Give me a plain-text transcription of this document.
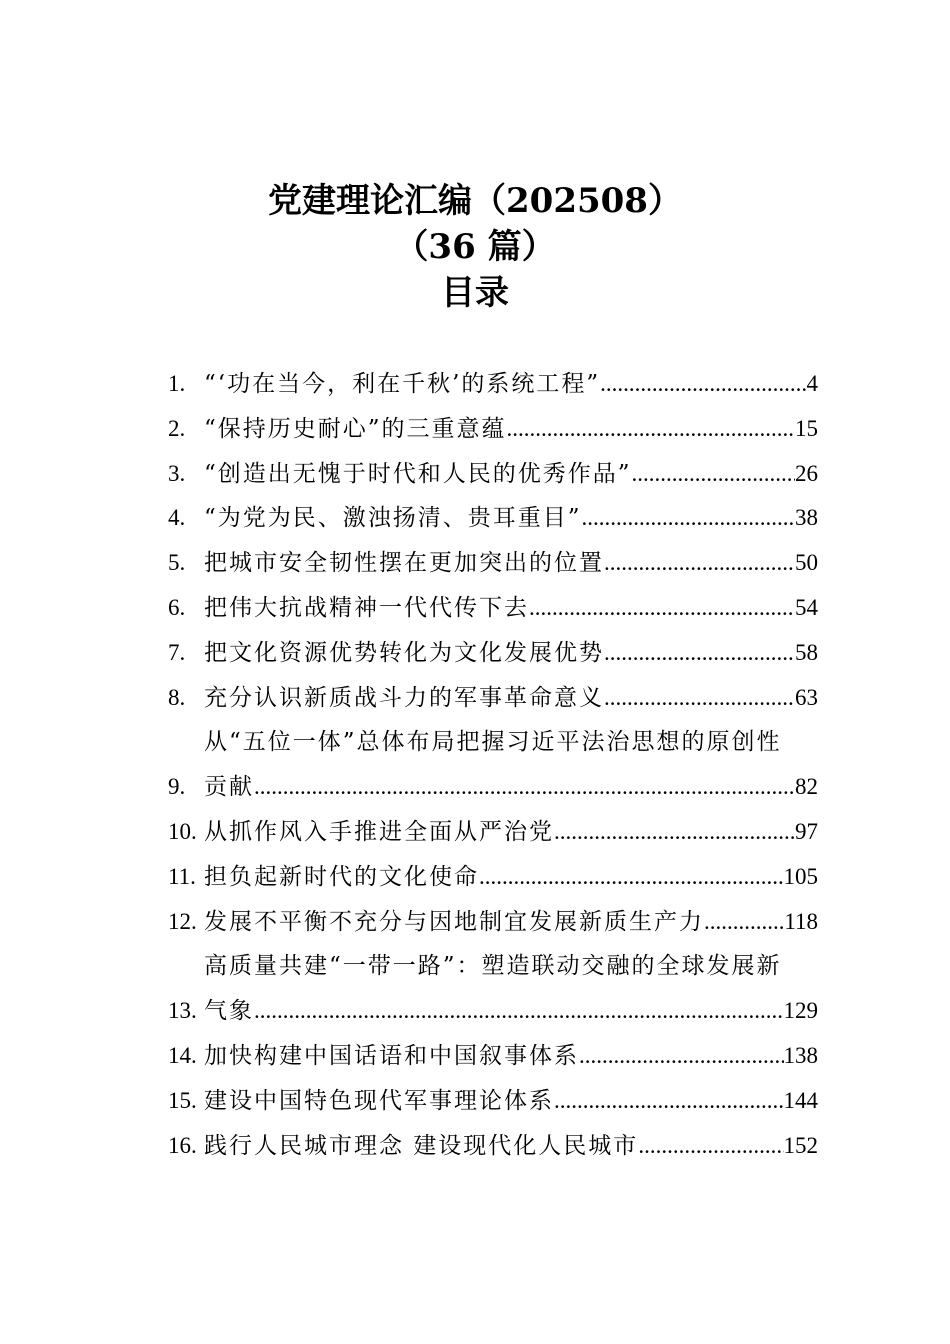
党建理论汇编（202508）
（36 篇）
目录
1. “‘功在当今，利在千秋’的系统工程” .....	4
2. “保持历史耐心”的三重意蕴 .....	15
3. “创造出无愧于时代和人民的优秀作品” .....	26
4. “为党为民、激浊扬清、贵耳重目” .....	38
5. 把城市安全韧性摆在更加突出的位置 .....	50
6. 把伟大抗战精神一代代传下去 .....	54
7. 把文化资源优势转化为文化发展优势 .....	58
8. 充分认识新质战斗力的军事革命意义 .....	63
9.
从“五位一体”总体布局把握习近平法治思想的原创性
贡献 .....	82
10. 从抓作风入手推进全面从严治党 .....	97
11. 担负起新时代的文化使命 .....	105
12. 发展不平衡不充分与因地制宜发展新质生产力 .....	118
13.
高质量共建“一带一路”：塑造联动交融的全球发展新
气象 .....	129
14. 加快构建中国话语和中国叙事体系 .....	138
15. 建设中国特色现代军事理论体系 .....	144
16. 践行人民城市理念 建设现代化人民城市 .....	152
